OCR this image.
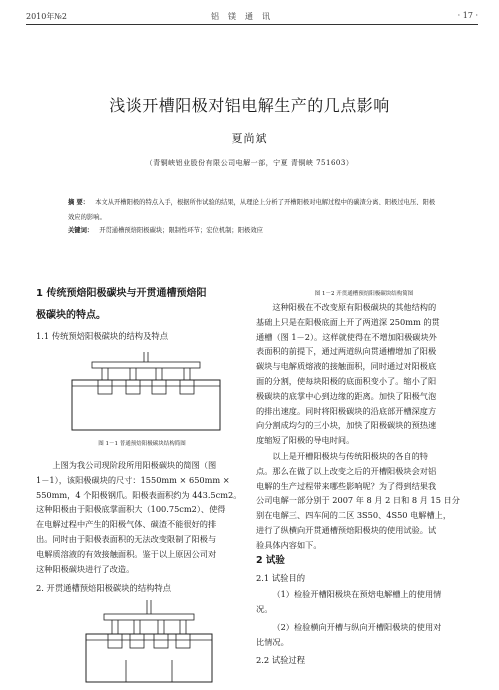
2010年№2	铝镁通讯	· 17 ·
浅谈开槽阳极对铝电解生产的几点影响
夏尚斌
（青铜峡铝业股份有限公司电解一部，宁夏 青铜峡 751603）
摘 要： 本文从开槽阳极的特点入手，根据所作试验的结果，从理论上分析了开槽阳极对电解过程中的碳渣分离、阳极过电压、阳极效应的影响。
关键词： 开贯通槽预焙阳极碳块；限制性环节；宏位机制；阳极效应

1 传统预焙阳极碳块与开贯通槽预焙阳

极碳块的特点。

1.1 传统预焙阳极碳块的结构及特点

图 1－1 普通预焙阳极碳块结构简图

上图为我公司现阶段所用阳极碳块的简图（图

1－1），该阳极碳块的尺寸：1550mm × 650mm ×

550mm，4 个阳极钢爪。阳极表面积约为 443.5cm2。

这种阳极由于阳极底掌面积大（100.75cm2）、使得

在电解过程中产生的阳极气体、碳渣不能很好的排

出。同时由于阳极表面积的无法改变限制了阳极与

电解质溶液的有效接触面积。鉴于以上原因公司对

这种阳极碳块进行了改造。

2. 开贯通槽预焙阳极碳块的结构特点

图 1－2 开贯通槽预焙阳极碳块结构简图

这种阳极在不改变原有阳极碳块的其他结构的

基础上只是在阳极底面上开了两道深 250mm 的贯

通槽（图 1－2）。这样就使得在不增加阳极碳块外

表面积的前提下，通过两道纵向贯通槽增加了阳极

碳块与电解质熔液的接触面积，同时通过对阳极底

面的分割，使每块阳极的底面积变小了。缩小了阳

极碳块的底掌中心到边缘的距离。加快了阳极气泡

的排出速度。同时将阳极碳块的沿底部开槽深度方

向分割成均匀的三小块，加快了阳极碳块的预热速

度缩短了阳极的导电时间。

以上是开槽阳极块与传统阳极块的各自的特

点。那么在做了以上改变之后的开槽阳极块会对铝

电解的生产过程带来哪些影响呢？为了得到结果我

公司电解一部分别于 2007 年 8 月 2 日和 8 月 15 日分

别在电解三、四车间的二区 3S50、4S50 电解槽上，

进行了纵横向开贯通槽预焙阳极块的使用试验。试

验具体内容如下。

2 试验

2.1 试验目的

（1）检验开槽阳极块在预焙电解槽上的使用情

况。

（2）检验横向开槽与纵向开槽阳极块的使用对

比情况。

2.2 试验过程
